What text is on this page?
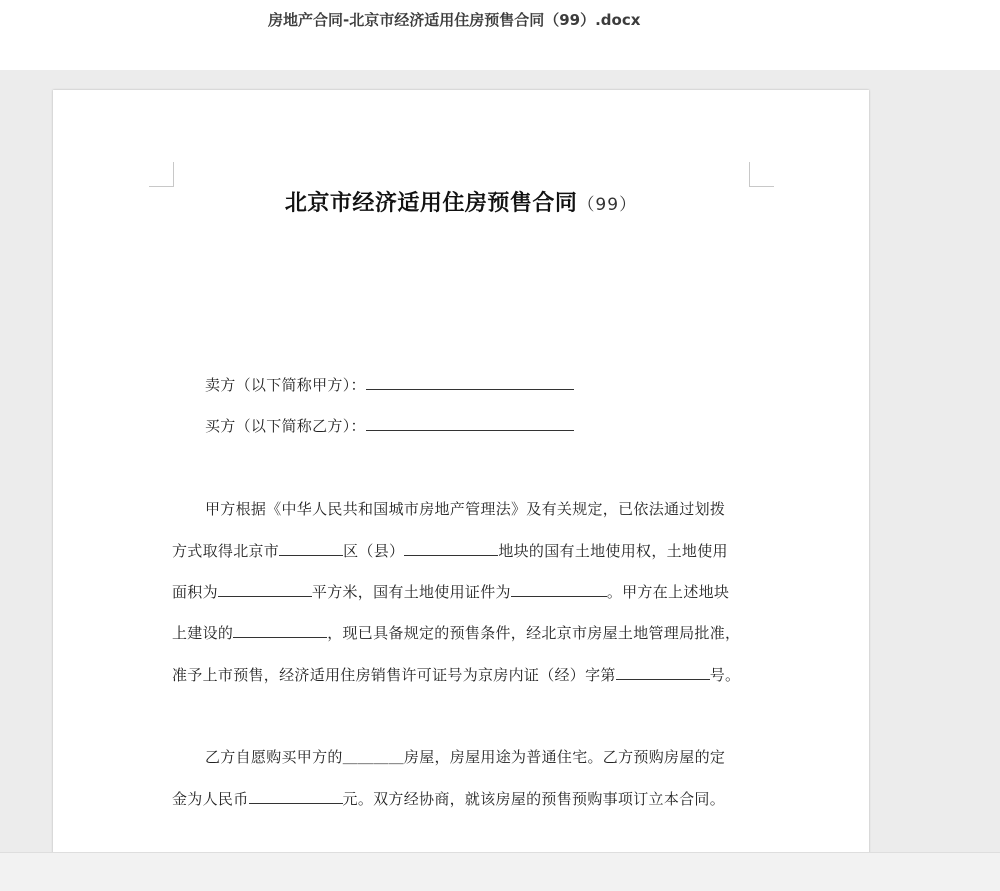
房地产合同-北京市经济适用住房预售合同（99）.docx
北京市经济适用住房预售合同（99）
卖方（以下简称甲方）：
买方（以下简称乙方）：
甲方根据《中华人民共和国城市房地产管理法》及有关规定，已依法通过划拨
方式取得北京市	区（县）	地块的国有土地使用权，土地使用
面积为	平方米，国有土地使用证件为	。甲方在上述地块
上建设的	，现已具备规定的预售条件，经北京市房屋土地管理局批准，
准予上市预售，经济适用住房销售许可证号为京房内证（经）字第	号。
乙方自愿购买甲方的＿＿＿＿房屋，房屋用途为普通住宅。乙方预购房屋的定
金为人民币	元。双方经协商，就该房屋的预售预购事项订立本合同。
